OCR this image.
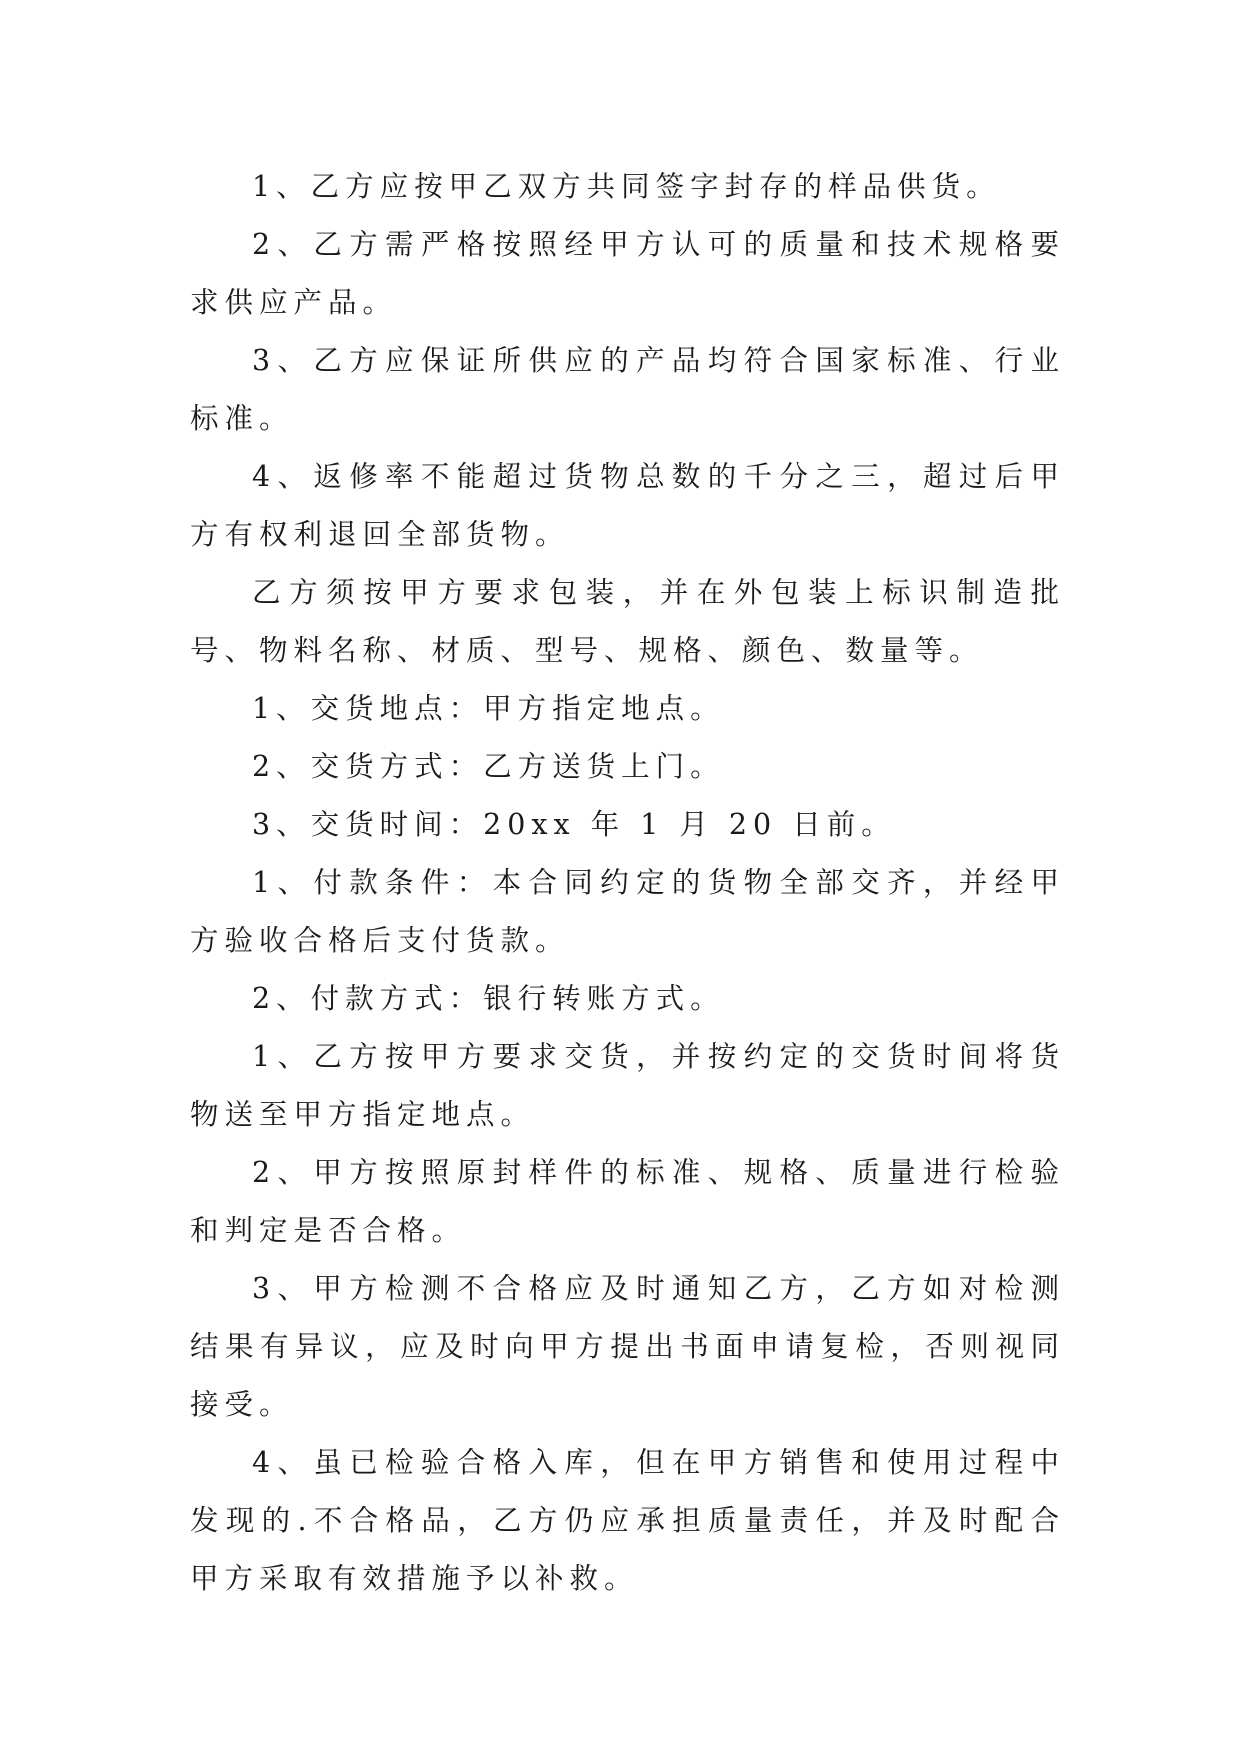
1、乙方应按甲乙双方共同签字封存的样品供货。

2、乙方需严格按照经甲方认可的质量和技术规格要求供应产品。

3、乙方应保证所供应的产品均符合国家标准、行业标准。

4、返修率不能超过货物总数的千分之三，超过后甲方有权利退回全部货物。

乙方须按甲方要求包装，并在外包装上标识制造批号、物料名称、材质、型号、规格、颜色、数量等。

1、交货地点：甲方指定地点。

2、交货方式：乙方送货上门。

3、交货时间：20xx 年 1 月 20 日前。

1、付款条件：本合同约定的货物全部交齐，并经甲方验收合格后支付货款。

2、付款方式：银行转账方式。

1、乙方按甲方要求交货，并按约定的交货时间将货物送至甲方指定地点。

2、甲方按照原封样件的标准、规格、质量进行检验和判定是否合格。

3、甲方检测不合格应及时通知乙方，乙方如对检测结果有异议，应及时向甲方提出书面申请复检，否则视同接受。

4、虽已检验合格入库，但在甲方销售和使用过程中发现的.不合格品，乙方仍应承担质量责任，并及时配合甲方采取有效措施予以补救。
